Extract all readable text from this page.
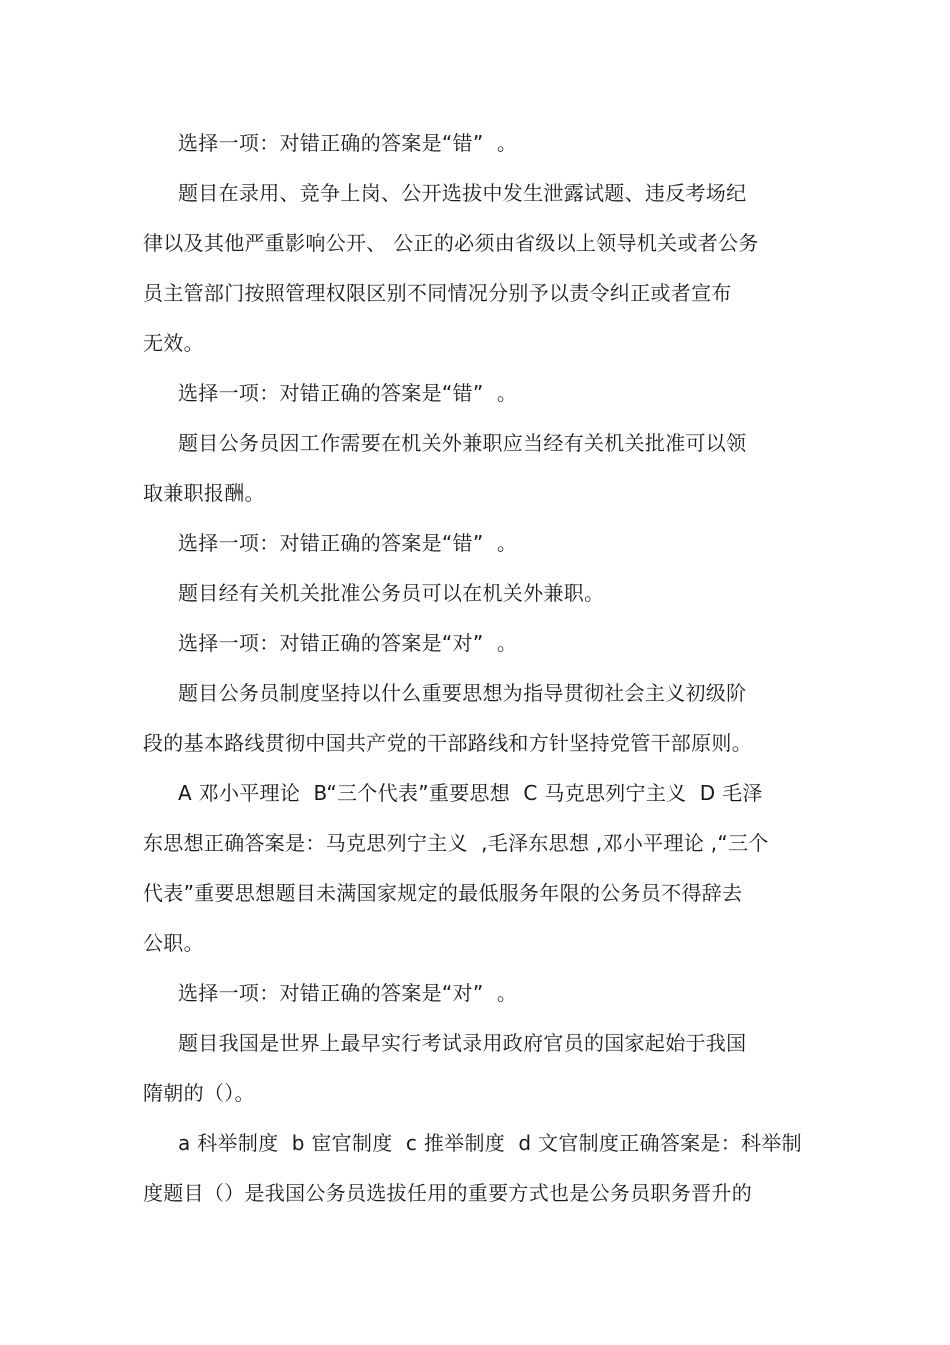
选择一项：对错正确的答案是“错”  。
题目在录用、竞争上岗、公开选拔中发生泄露试题、违反考场纪
律以及其他严重影响公开、 公正的必须由省级以上领导机关或者公务
员主管部门按照管理权限区别不同情况分别予以责令纠正或者宣布
无效。
选择一项：对错正确的答案是“错”  。
题目公务员因工作需要在机关外兼职应当经有关机关批准可以领
取兼职报酬。
选择一项：对错正确的答案是“错”  。
题目经有关机关批准公务员可以在机关外兼职。
选择一项：对错正确的答案是“对”  。
题目公务员制度坚持以什么重要思想为指导贯彻社会主义初级阶
段的基本路线贯彻中国共产党的干部路线和方针坚持党管干部原则。
A 邓小平理论  B“三个代表”重要思想  C 马克思列宁主义  D 毛泽
东思想正确答案是：马克思列宁主义  ,毛泽东思想 ,邓小平理论 ,“三个
代表”重要思想题目未满国家规定的最低服务年限的公务员不得辞去
公职。
选择一项：对错正确的答案是“对”  。
题目我国是世界上最早实行考试录用政府官员的国家起始于我国
隋朝的（）。
a 科举制度  b 宦官制度  c 推举制度  d 文官制度正确答案是：科举制
度题目（）是我国公务员选拔任用的重要方式也是公务员职务晋升的
